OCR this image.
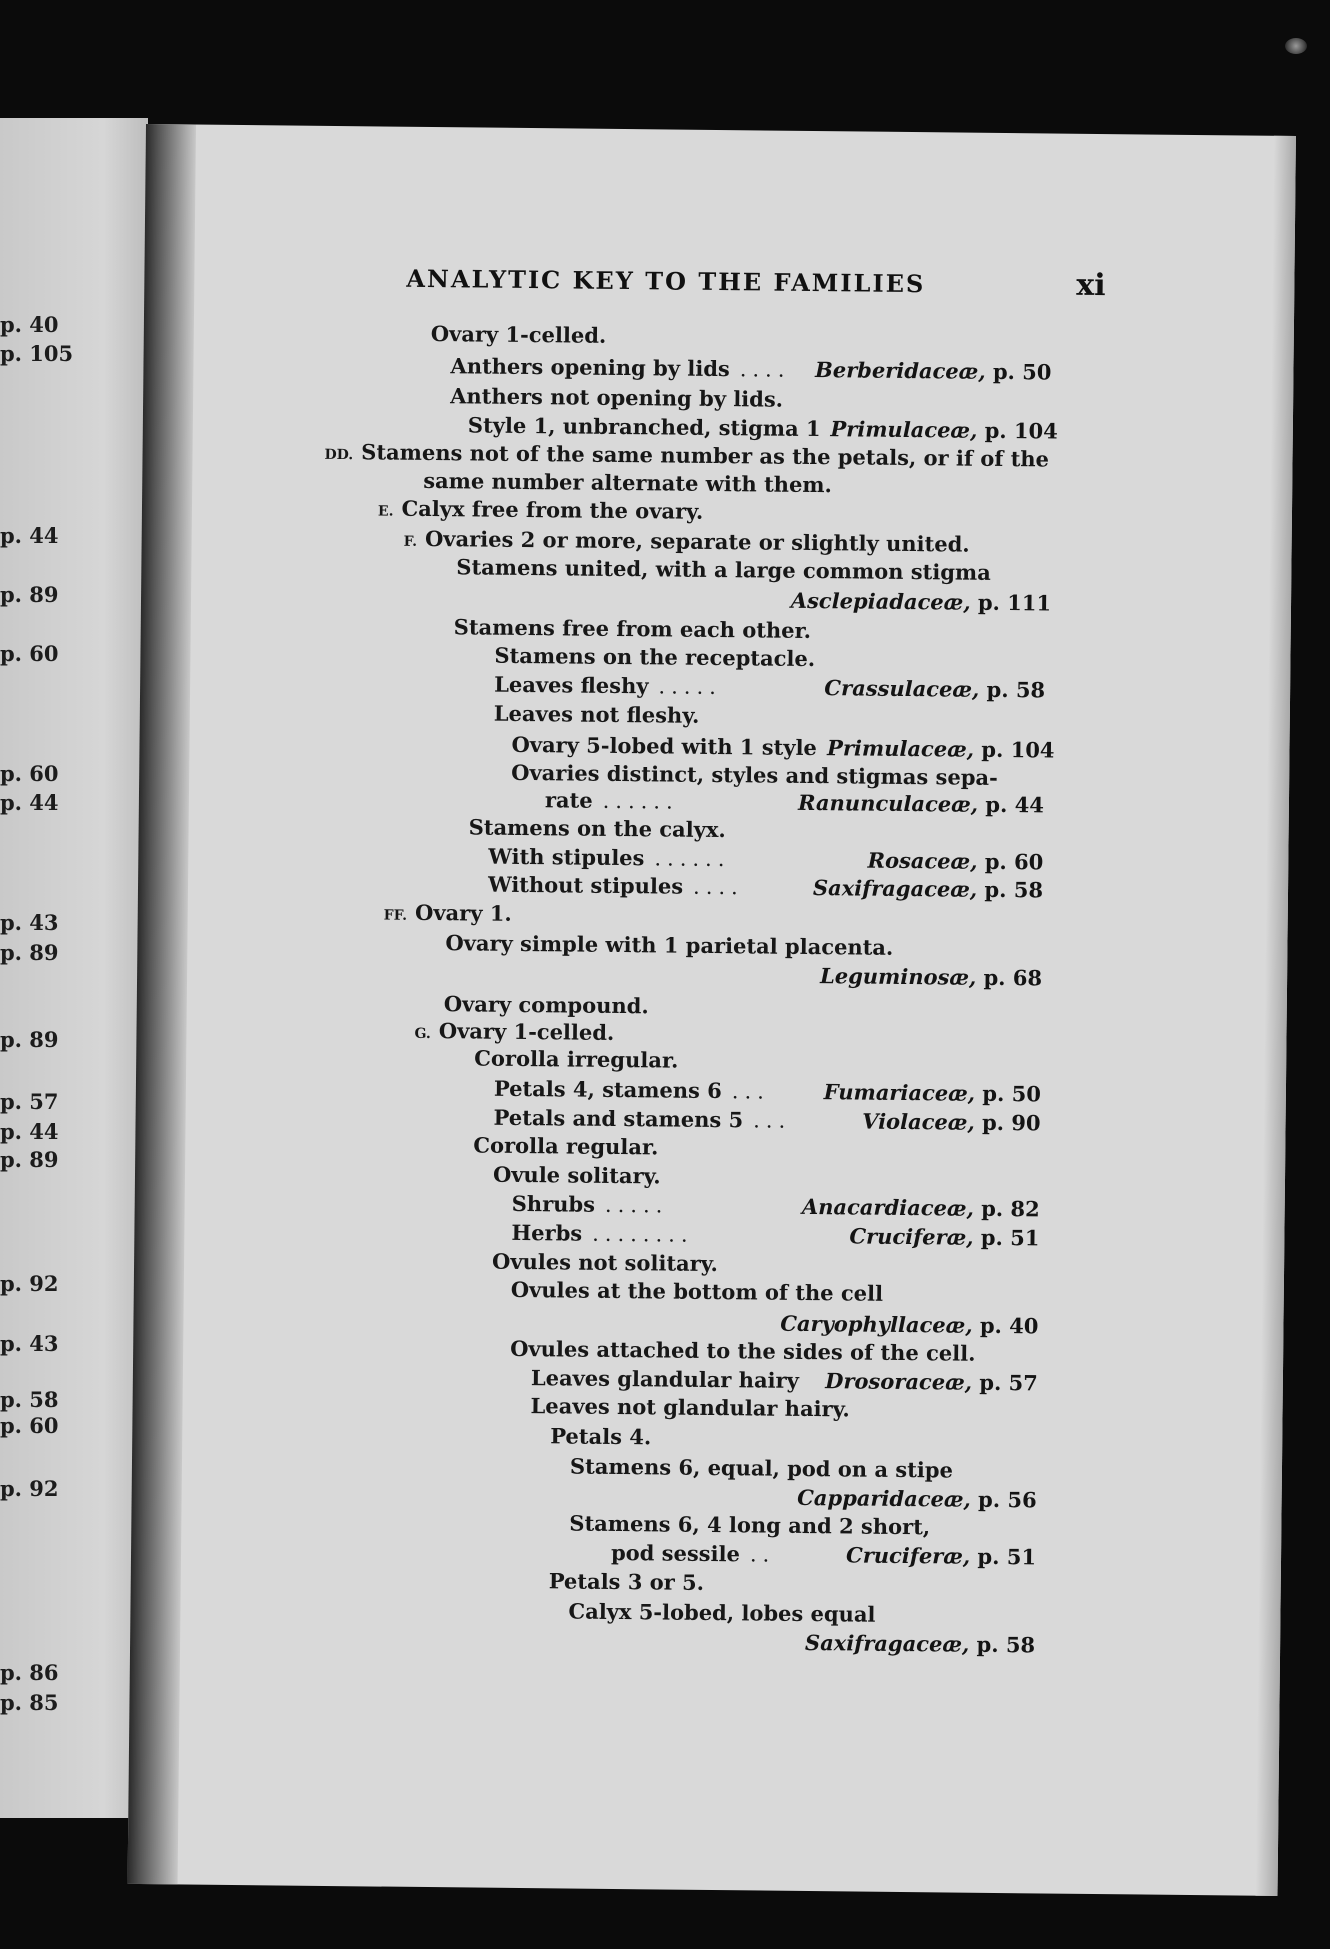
p. 40
p. 105
p. 44
p. 89
p. 60
p. 60
p. 44
p. 43
p. 89
p. 89
p. 57
p. 44
p. 89
p. 92
p. 43
p. 58
p. 60
p. 92
p. 86
p. 85
ANALYTIC KEY TO THE FAMILIES	xi
Ovary 1-celled.
Anthers opening by lids .... Berberidaceæ, p. 50
Anthers not opening by lids.
Style 1, unbranched, stigma 1 Primulaceæ, p. 104
DD. Stamens not of the same number as the petals, or if of the
same number alternate with them.
E. Calyx free from the ovary.
F. Ovaries 2 or more, separate or slightly united.
Stamens united, with a large common stigma
Asclepiadaceæ, p. 111
Stamens free from each other.
Stamens on the receptacle.
Leaves fleshy .....	Crassulaceæ, p. 58
Leaves not fleshy.
Ovary 5-lobed with 1 style Primulaceæ, p. 104
Ovaries distinct, styles and stigmas sepa-
rate ......	Ranunculaceæ, p. 44
Stamens on the calyx.
With stipules ......	Rosaceæ, p. 60
Without stipules ....	Saxifragaceæ, p. 58
FF. Ovary 1.
Ovary simple with 1 parietal placenta.
Leguminosæ, p. 68
Ovary compound.
G. Ovary 1-celled.
Corolla irregular.
Petals 4, stamens 6 ...	Fumariaceæ, p. 50
Petals and stamens 5 ...	Violaceæ, p. 90
Corolla regular.
Ovule solitary.
Shrubs .....	Anacardiaceæ, p. 82
Herbs ........	Cruciferæ, p. 51
Ovules not solitary.
Ovules at the bottom of the cell
Caryophyllaceæ, p. 40
Ovules attached to the sides of the cell.
Leaves glandular hairy Drosoraceæ, p. 57
Leaves not glandular hairy.
Petals 4.
Stamens 6, equal, pod on a stipe
Capparidaceæ, p. 56
Stamens 6, 4 long and 2 short,
pod sessile ..	Cruciferæ, p. 51
Petals 3 or 5.
Calyx 5-lobed, lobes equal
Saxifragaceæ, p. 58
